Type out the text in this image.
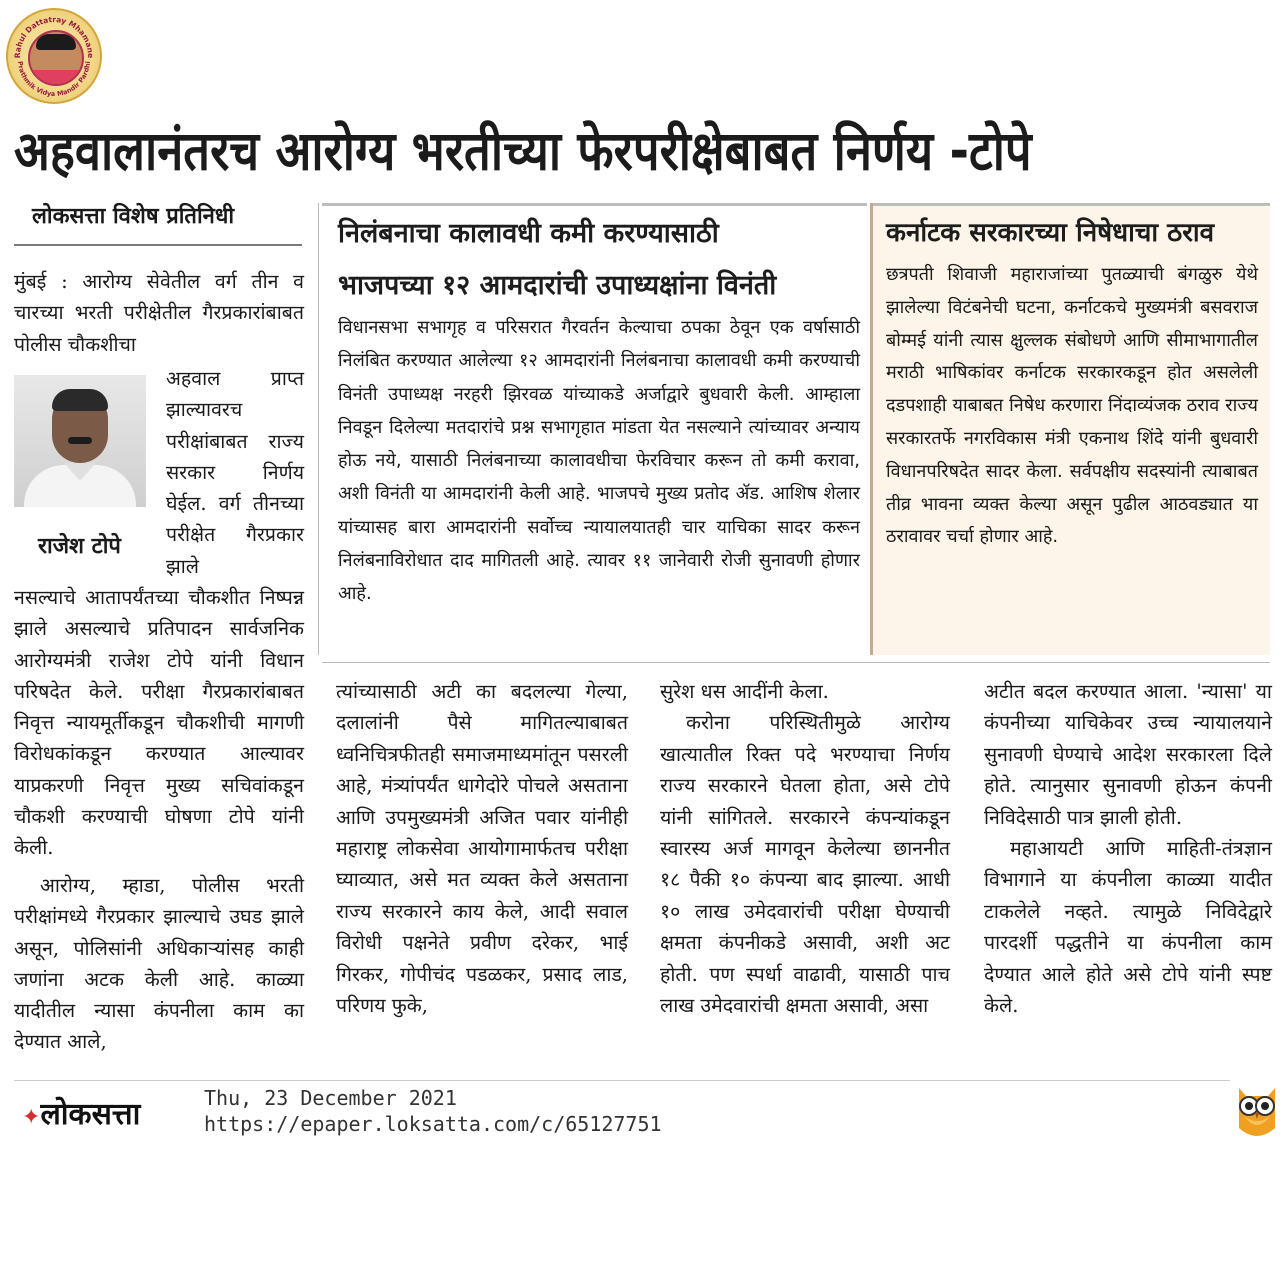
Rahul Dattatray Mhamane
Prathmik Vidya Mandir Pardhi
अहवालानंतरच आरोग्य भरतीच्या फेरपरीक्षेबाबत निर्णय -टोपे
लोकसत्ता विशेष प्रतिनिधी
मुंबई : आरोग्य सेवेतील वर्ग तीन व चारच्या भरती परीक्षेतील गैरप्रकारांबाबत पोलीस चौकशीचा
राजेश टोपे
अहवाल प्राप्त झाल्यावरच परीक्षांबाबत राज्य सरकार निर्णय घेईल. वर्ग तीनच्या परीक्षेत गैरप्रकार झाले
नसल्याचे आतापर्यंतच्या चौकशीत निष्पन्न झाले असल्याचे प्रतिपादन सार्वजनिक आरोग्यमंत्री राजेश टोपे यांनी विधान परिषदेत केले. परीक्षा गैरप्रकारांबाबत निवृत्त न्यायमूर्तीकडून चौकशीची मागणी विरोधकांकडून करण्यात आल्यावर याप्रकरणी निवृत्त मुख्य सचिवांकडून चौकशी करण्याची घोषणा टोपे यांनी केली.
आरोग्य, म्हाडा, पोलीस भरती परीक्षांमध्ये गैरप्रकार झाल्याचे उघड झाले असून, पोलिसांनी अधिकाऱ्यांसह काही जणांना अटक केली आहे. काळ्या यादीतील न्यासा कंपनीला काम का देण्यात आले,
निलंबनाचा कालावधी कमी करण्यासाठी
भाजपच्या १२ आमदारांची उपाध्यक्षांना विनंती
विधानसभा सभागृह व परिसरात गैरवर्तन केल्याचा ठपका ठेवून एक वर्षासाठी निलंबित करण्यात आलेल्या १२ आमदारांनी निलंबनाचा कालावधी कमी करण्याची विनंती उपाध्यक्ष नरहरी झिरवळ यांच्याकडे अर्जाद्वारे बुधवारी केली. आम्हाला निवडून दिलेल्या मतदारांचे प्रश्न सभागृहात मांडता येत नसल्याने त्यांच्यावर अन्याय होऊ नये, यासाठी निलंबनाच्या कालावधीचा फेरविचार करून तो कमी करावा, अशी विनंती या आमदारांनी केली आहे. भाजपचे मुख्य प्रतोद ॲड. आशिष शेलार यांच्यासह बारा आमदारांनी सर्वोच्च न्यायालयातही चार याचिका सादर करून निलंबनाविरोधात दाद मागितली आहे. त्यावर ११ जानेवारी रोजी सुनावणी होणार आहे.
कर्नाटक सरकारच्या निषेधाचा ठराव
छत्रपती शिवाजी महाराजांच्या पुतळ्याची बंगळुरु येथे झालेल्या विटंबनेची घटना, कर्नाटकचे मुख्यमंत्री बसवराज बोम्मई यांनी त्यास क्षुल्लक संबोधणे आणि सीमाभागातील मराठी भाषिकांवर कर्नाटक सरकारकडून होत असलेली दडपशाही याबाबत निषेध करणारा निंदाव्यंजक ठराव राज्य सरकारतर्फे नगरविकास मंत्री एकनाथ शिंदे यांनी बुधवारी विधानपरिषदेत सादर केला. सर्वपक्षीय सदस्यांनी त्याबाबत तीव्र भावना व्यक्त केल्या असून पुढील आठवड्यात या ठरावावर चर्चा होणार आहे.
त्यांच्यासाठी अटी का बदलल्या गेल्या, दलालांनी पैसे मागितल्याबाबत ध्वनिचित्रफीतही समाजमाध्यमांतून पसरली आहे, मंत्र्यांपर्यंत धागेदोरे पोचले असताना आणि उपमुख्यमंत्री अजित पवार यांनीही महाराष्ट्र लोकसेवा आयोगामार्फतच परीक्षा घ्याव्यात, असे मत व्यक्त केले असताना राज्य सरकारने काय केले, आदी सवाल विरोधी पक्षनेते प्रवीण दरेकर, भाई गिरकर, गोपीचंद पडळकर, प्रसाद लाड, परिणय फुके,
सुरेश धस आदींनी केला.
करोना परिस्थितीमुळे आरोग्य खात्यातील रिक्त पदे भरण्याचा निर्णय राज्य सरकारने घेतला होता, असे टोपे यांनी सांगितले. सरकारने कंपन्यांकडून स्वारस्य अर्ज मागवून केलेल्या छाननीत १८ पैकी १० कंपन्या बाद झाल्या. आधी १० लाख उमेदवारांची परीक्षा घेण्याची क्षमता कंपनीकडे असावी, अशी अट होती. पण स्पर्धा वाढावी, यासाठी पाच लाख उमेदवारांची क्षमता असावी, असा
अटीत बदल करण्यात आला. 'न्यासा' या कंपनीच्या याचिकेवर उच्च न्यायालयाने सुनावणी घेण्याचे आदेश सरकारला दिले होते. त्यानुसार सुनावणी होऊन कंपनी निविदेसाठी पात्र झाली होती.
महाआयटी आणि माहिती-तंत्रज्ञान विभागाने या कंपनीला काळ्या यादीत टाकलेले नव्हते. त्यामुळे निविदेद्वारे पारदर्शी पद्धतीने या कंपनीला काम देण्यात आले होते असे टोपे यांनी स्पष्ट केले.
✦लोकसत्ता	Thu, 23 December 2021
https://epaper.loksatta.com/c/65127751
